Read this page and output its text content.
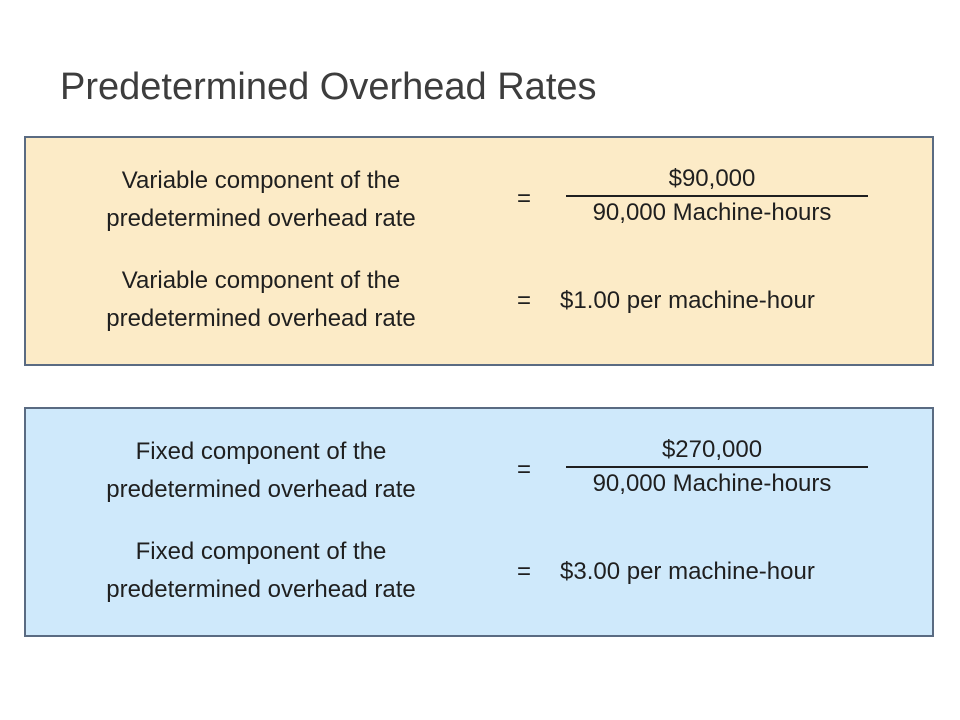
Predetermined Overhead Rates
Variable component of the
predetermined overhead rate
=
$90,000
90,000 Machine-hours
Variable component of the
predetermined overhead rate
= $1.00 per machine-hour
Fixed component of the
predetermined overhead rate
=
$270,000
90,000 Machine-hours
Fixed component of the
predetermined overhead rate
= $3.00 per machine-hour
